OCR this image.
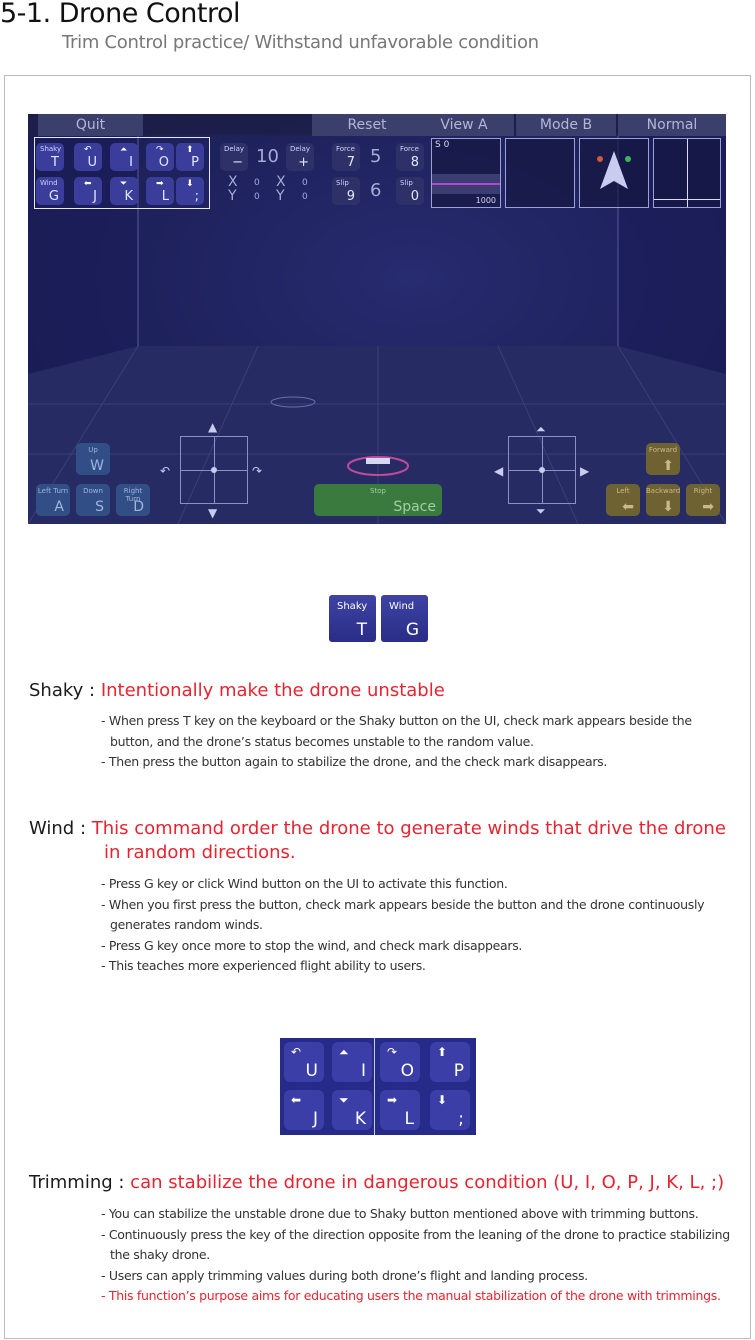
5-1. Drone Control
Trim Control practice/ Withstand unfavorable condition
Quit	Reset	View A	Mode B	Normal
Shaky
T
↶
U
⏶
I
↷
O
⬆
P
Wind
G
⬅
J
⏷
K
➡
L
⬇
;
Delay
− 10 Delay
+
Force
7 5	Force
8
Slip
9 6	Slip
0
X
Y
0
0
X
Y
0
0
S 0
1000
▲
▼
↶	↷
⏶
⏷
◀	▶
Up
W
Left Turn
A
Down
S
Right Turn
D
Stop
Space
Forward
⬆
Left
⬅
Backward
⬇
Right
➡
Shaky
T
Wind
G
Shaky : Intentionally make the drone unstable

- When press T key on the keyboard or the Shaky button on the UI, check mark appears beside the button, and the drone’s status becomes unstable to the random value.

- Then press the button again to stabilize the drone, and the check mark disappears.

Wind : This command order the drone to generate winds that drive the drone
in random directions.

- Press G key or click Wind button on the UI to activate this function.

- When you first press the button, check mark appears beside the button and the drone continuously generates random winds.

- Press G key once more to stop the wind, and check mark disappears.

- This teaches more experienced flight ability to users.

↶
U
⏶
I
↷
O
⬆
P
⬅
J
⏷
K
➡
L
⬇
;
Trimming : can stabilize the drone in dangerous condition (U, I, O, P, J, K, L, ;)

- You can stabilize the unstable drone due to Shaky button mentioned above with trimming buttons.

- Continuously press the key of the direction opposite from the leaning of the drone to practice stabilizing the shaky drone.

- Users can apply trimming values during both drone’s flight and landing process.

- This function’s purpose aims for educating users the manual stabilization of the drone with trimmings.
